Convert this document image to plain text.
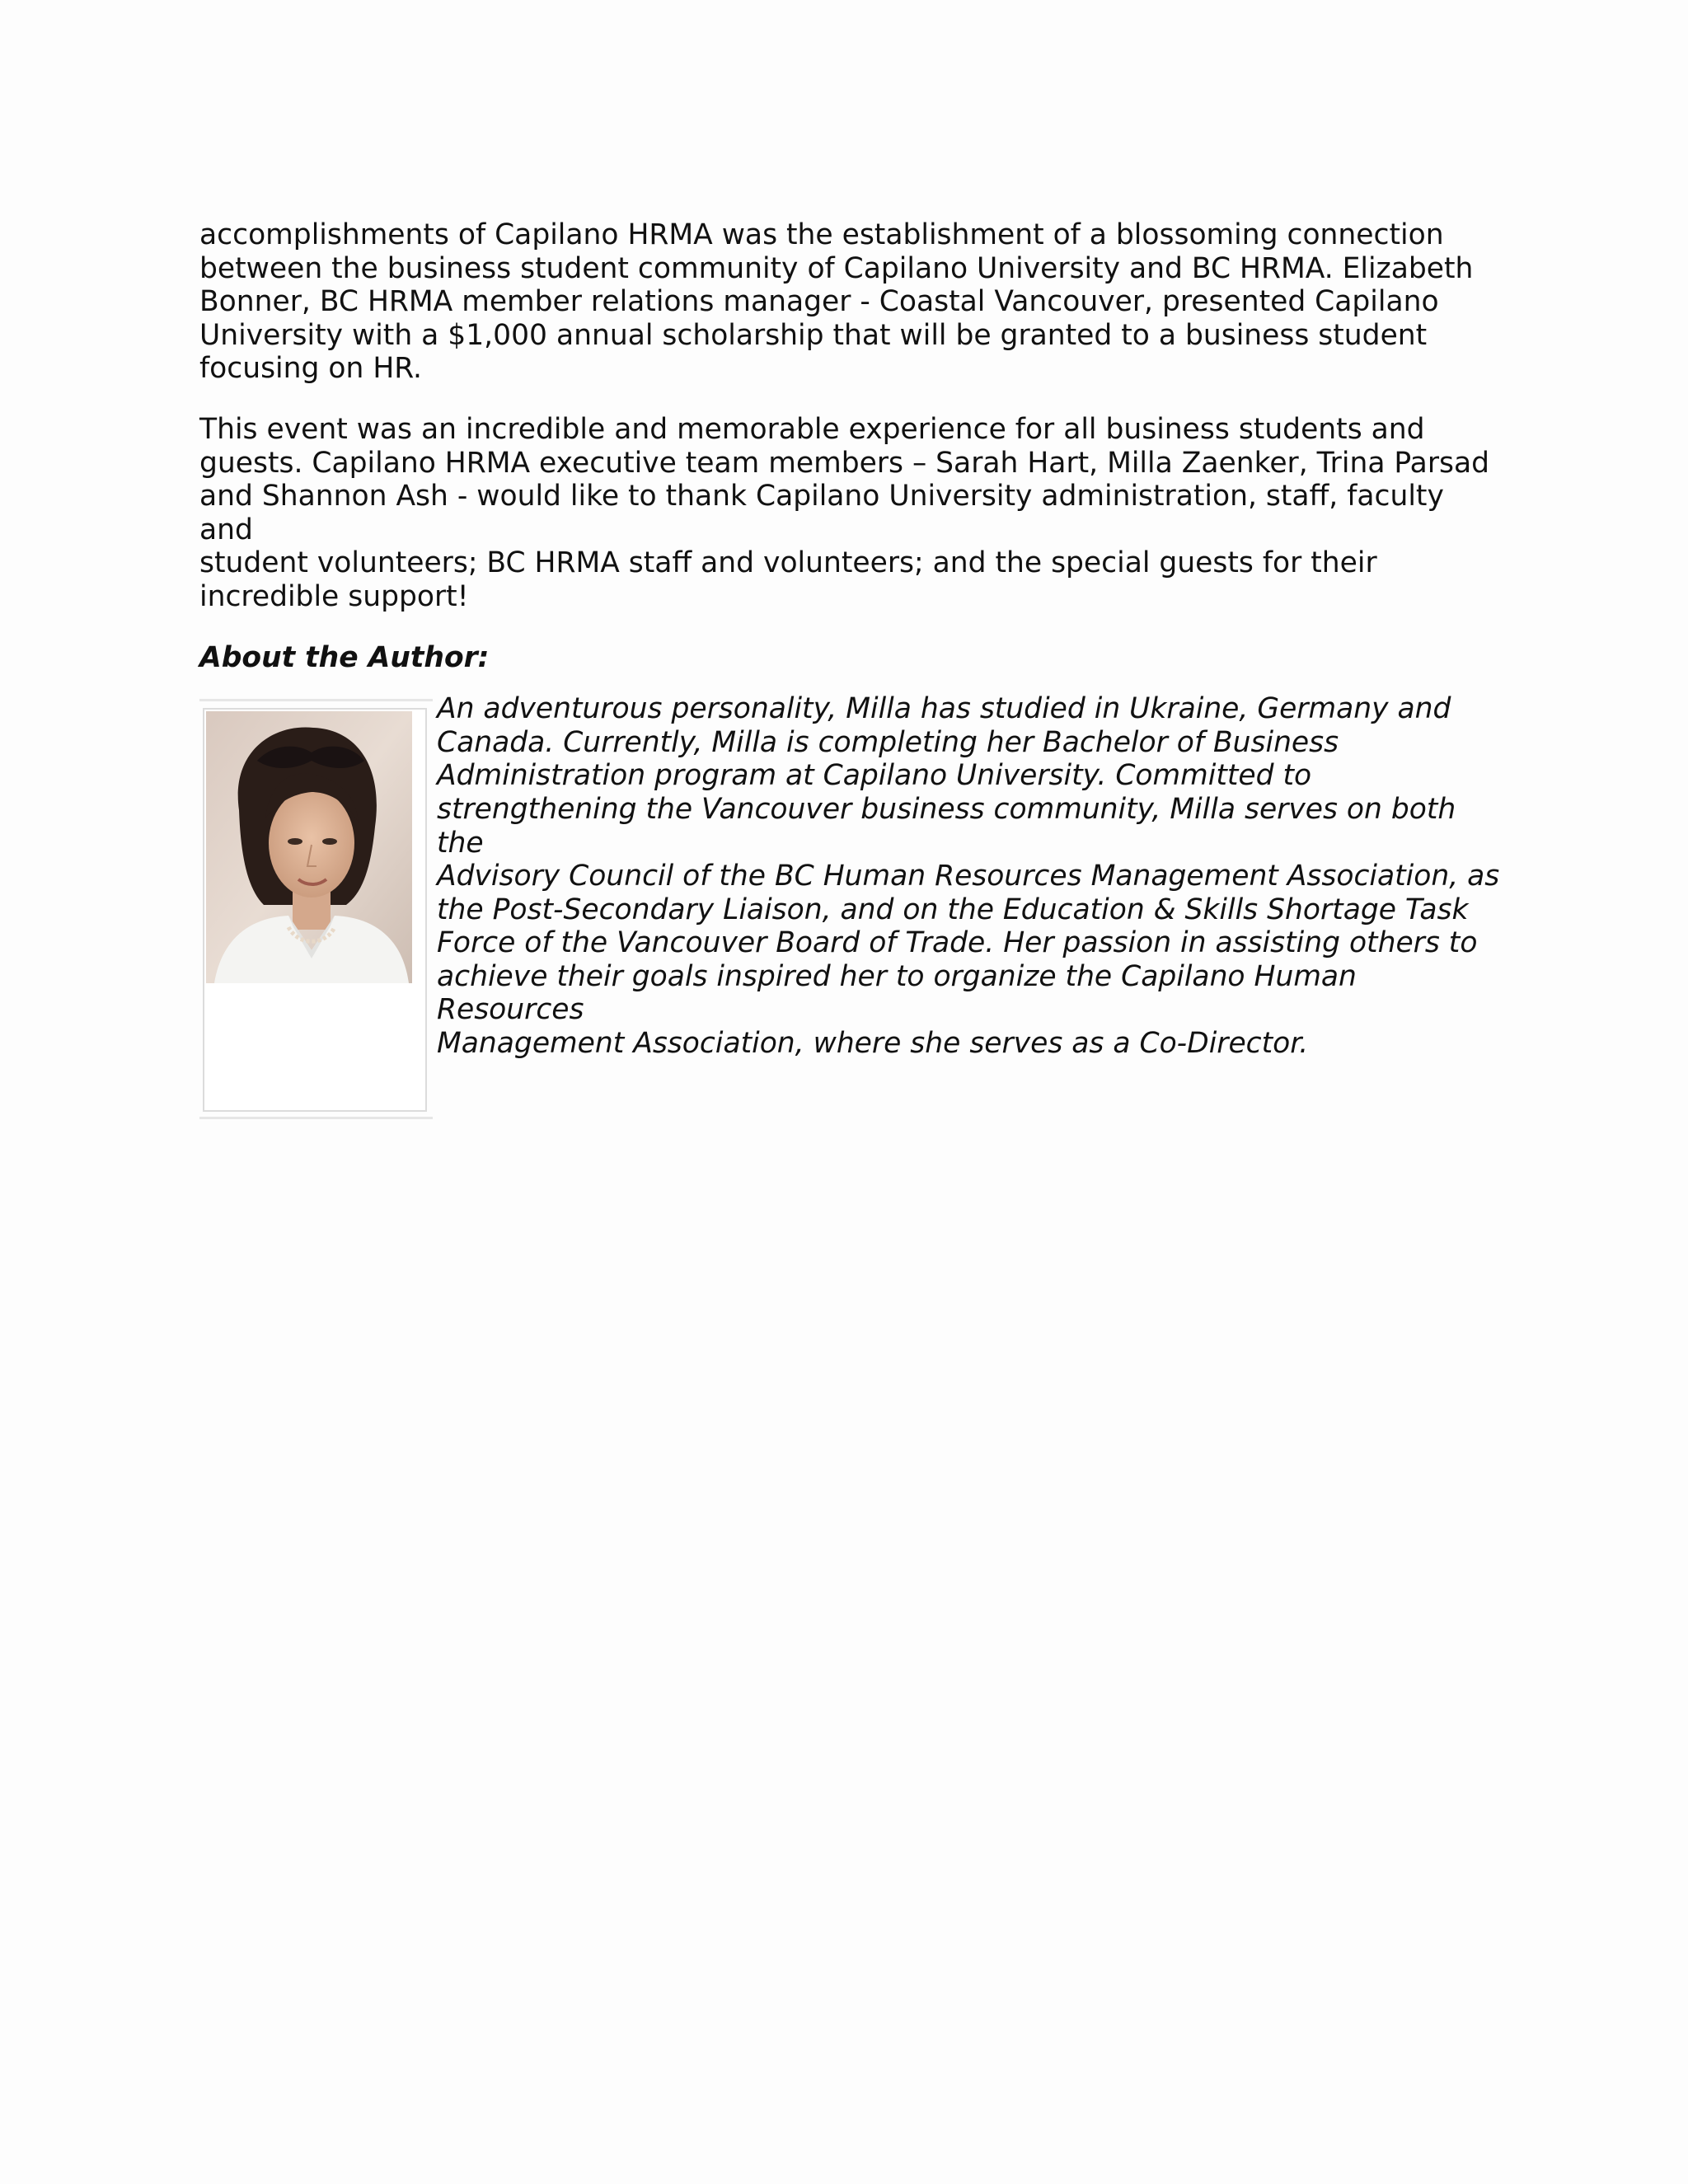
accomplishments of Capilano HRMA was the establishment of a blossoming connection
between the business student community of Capilano University and BC HRMA. Elizabeth
Bonner, BC HRMA member relations manager - Coastal Vancouver, presented Capilano
University with a $1,000 annual scholarship that will be granted to a business student
focusing on HR.

This event was an incredible and memorable experience for all business students and
guests. Capilano HRMA executive team members – Sarah Hart, Milla Zaenker, Trina Parsad
and Shannon Ash - would like to thank Capilano University administration, staff, faculty and
student volunteers; BC HRMA staff and volunteers; and the special guests for their
incredible support!

About the Author:

An adventurous personality, Milla has studied in Ukraine, Germany and
Canada. Currently, Milla is completing her Bachelor of Business
Administration program at Capilano University. Committed to
strengthening the Vancouver business community, Milla serves on both the
Advisory Council of the BC Human Resources Management Association, as
the Post-Secondary Liaison, and on the Education & Skills Shortage Task
Force of the Vancouver Board of Trade. Her passion in assisting others to
achieve their goals inspired her to organize the Capilano Human Resources
Management Association, where she serves as a Co-Director.
